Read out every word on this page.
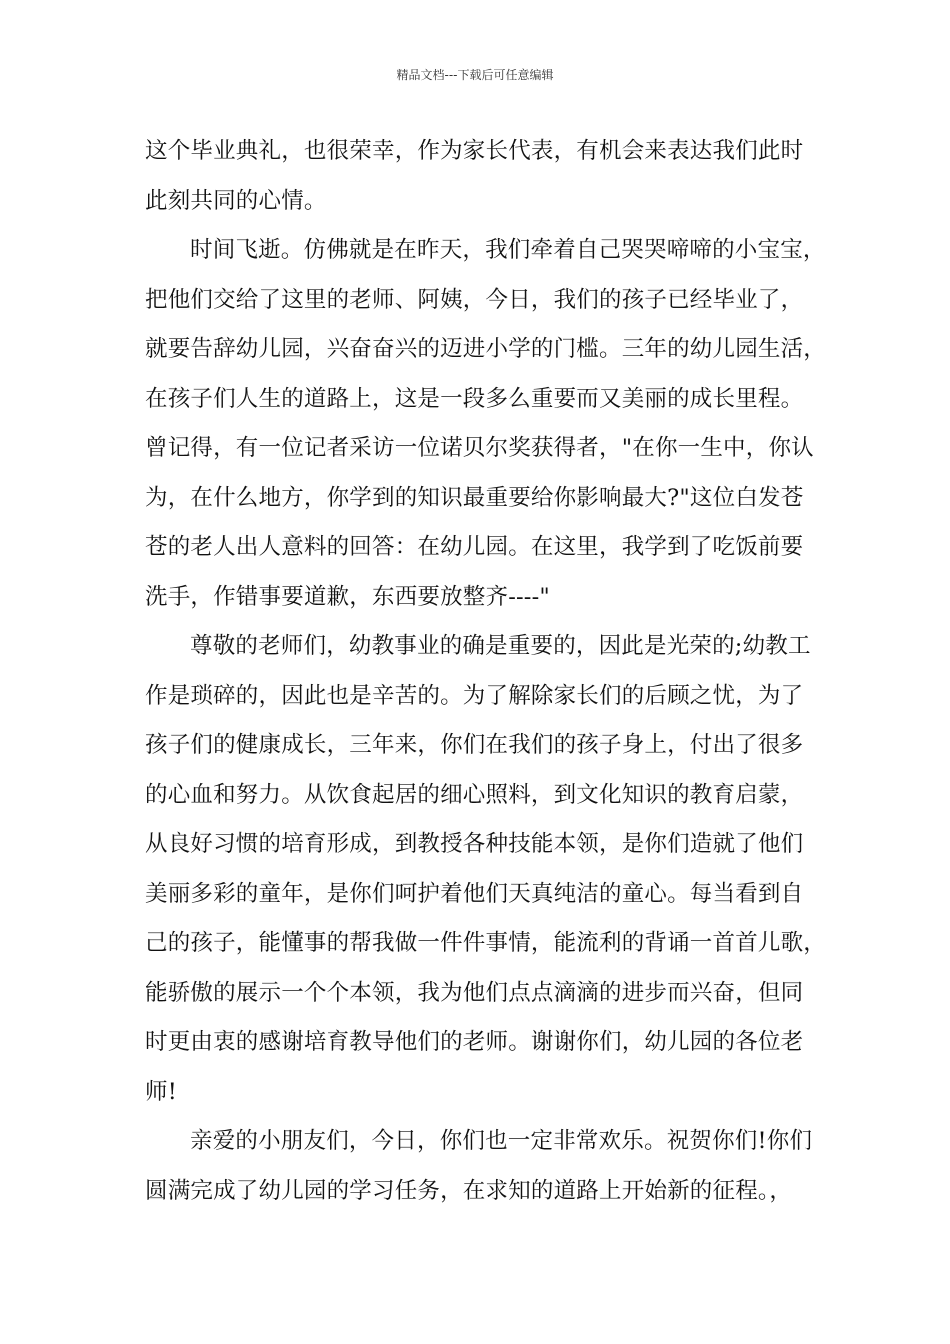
精品文档---下载后可任意编辑
这个毕业典礼，也很荣幸，作为家长代表，有机会来表达我们此时
此刻共同的心情。
时间飞逝。仿佛就是在昨天，我们牵着自己哭哭啼啼的小宝宝，
把他们交给了这里的老师、阿姨，今日，我们的孩子已经毕业了，
就要告辞幼儿园，兴奋奋兴的迈进小学的门槛。三年的幼儿园生活，
在孩子们人生的道路上，这是一段多么重要而又美丽的成长里程。
曾记得，有一位记者采访一位诺贝尔奖获得者，"在你一生中，你认
为，在什么地方，你学到的知识最重要给你影响最大?"这位白发苍
苍的老人出人意料的回答：在幼儿园。在这里，我学到了吃饭前要
洗手，作错事要道歉，东西要放整齐----"
尊敬的老师们，幼教事业的确是重要的，因此是光荣的;幼教工
作是琐碎的，因此也是辛苦的。为了解除家长们的后顾之忧，为了
孩子们的健康成长，三年来，你们在我们的孩子身上，付出了很多
的心血和努力。从饮食起居的细心照料，到文化知识的教育启蒙，
从良好习惯的培育形成，到教授各种技能本领，是你们造就了他们
美丽多彩的童年，是你们呵护着他们天真纯洁的童心。每当看到自
己的孩子，能懂事的帮我做一件件事情，能流利的背诵一首首儿歌，
能骄傲的展示一个个本领，我为他们点点滴滴的进步而兴奋，但同
时更由衷的感谢培育教导他们的老师。谢谢你们，幼儿园的各位老
师!
亲爱的小朋友们，今日，你们也一定非常欢乐。祝贺你们!你们
圆满完成了幼儿园的学习任务，在求知的道路上开始新的征程。，
